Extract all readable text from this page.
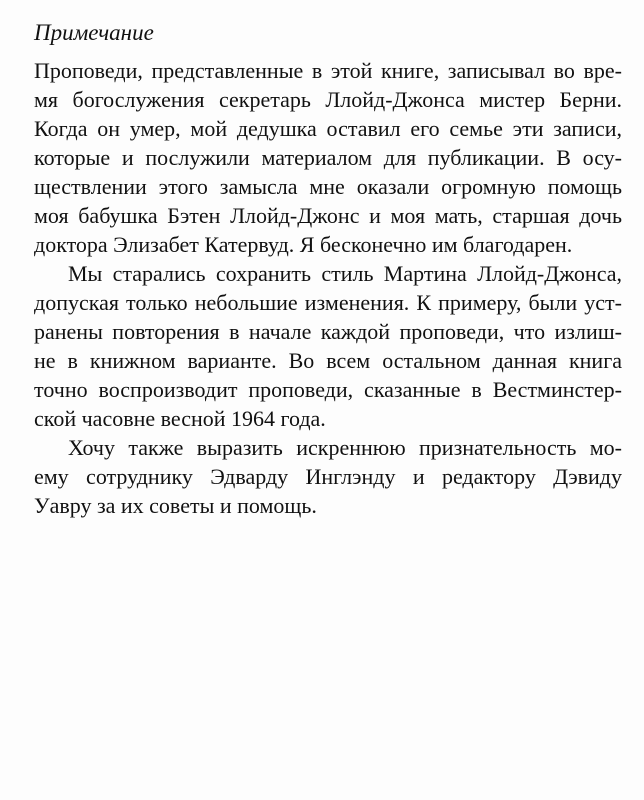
Примечание
Проповеди, представленные в этой книге, записывал во вре-
мя богослужения секретарь Ллойд-Джонса мистер Берни.
Когда он умер, мой дедушка оставил его семье эти записи,
которые и послужили материалом для публикации. В осу-
ществлении этого замысла мне оказали огромную помощь
моя бабушка Бэтен Ллойд-Джонс и моя мать, старшая дочь
доктора Элизабет Катервуд. Я бесконечно им благодарен.
Мы старались сохранить стиль Мартина Ллойд-Джонса,
допуская только небольшие изменения. К примеру, были уст-
ранены повторения в начале каждой проповеди, что излиш-
не в книжном варианте. Во всем остальном данная книга
точно воспроизводит проповеди, сказанные в Вестминстер-
ской часовне весной 1964 года.
Хочу также выразить искреннюю признательность мо-
ему сотруднику Эдварду Инглэнду и редактору Дэвиду
Уавру за их советы и помощь.
